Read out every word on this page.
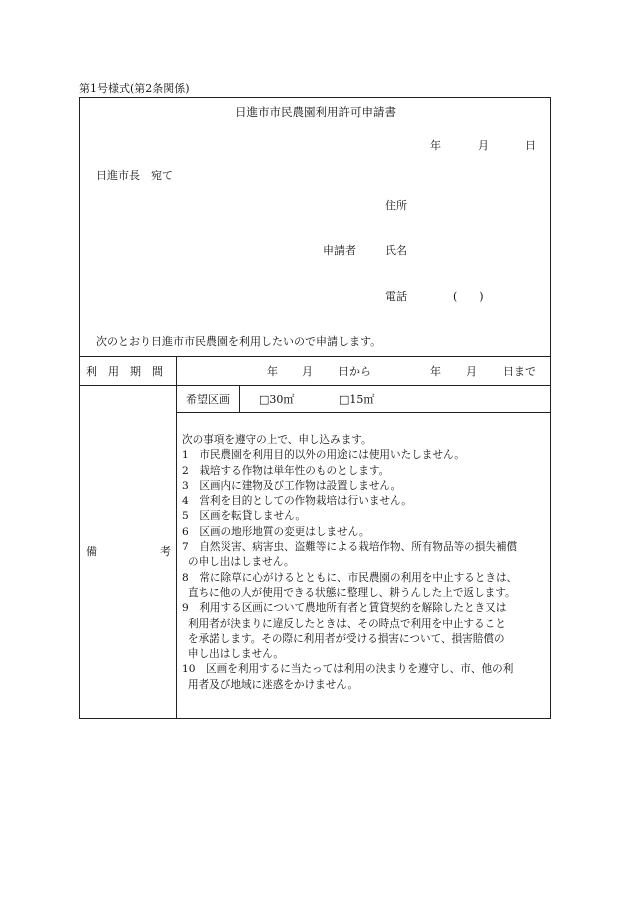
第1号様式(第2条関係)
日進市市民農園利用許可申請書
年	月	日
日進市長　宛て
住所
申請者	氏名
電話	(　　)
次のとおり日進市市民農園を利用したいので申請します。
利　用　期　間	年 月 日から	年 月 日まで
希望区画	□30㎡	□15㎡
備	考
次の事項を遵守の上で、申し込みます。
1　市民農園を利用目的以外の用途には使用いたしません。
2　栽培する作物は単年性のものとします。
3　区画内に建物及び工作物は設置しません。
4　営利を目的としての作物栽培は行いません。
5　区画を転貸しません。
6　区画の地形地質の変更はしません。
7　自然災害、病害虫、盗難等による栽培作物、所有物品等の損失補償
の申し出はしません。
8　常に除草に心がけるとともに、市民農園の利用を中止するときは、
直ちに他の人が使用できる状態に整理し、耕うんした上で返します。
9　利用する区画について農地所有者と賃貸契約を解除したとき又は
利用者が決まりに違反したときは、その時点で利用を中止すること
を承諾します。その際に利用者が受ける損害について、損害賠償の
申し出はしません。
10　区画を利用するに当たっては利用の決まりを遵守し、市、他の利
用者及び地域に迷惑をかけません。
